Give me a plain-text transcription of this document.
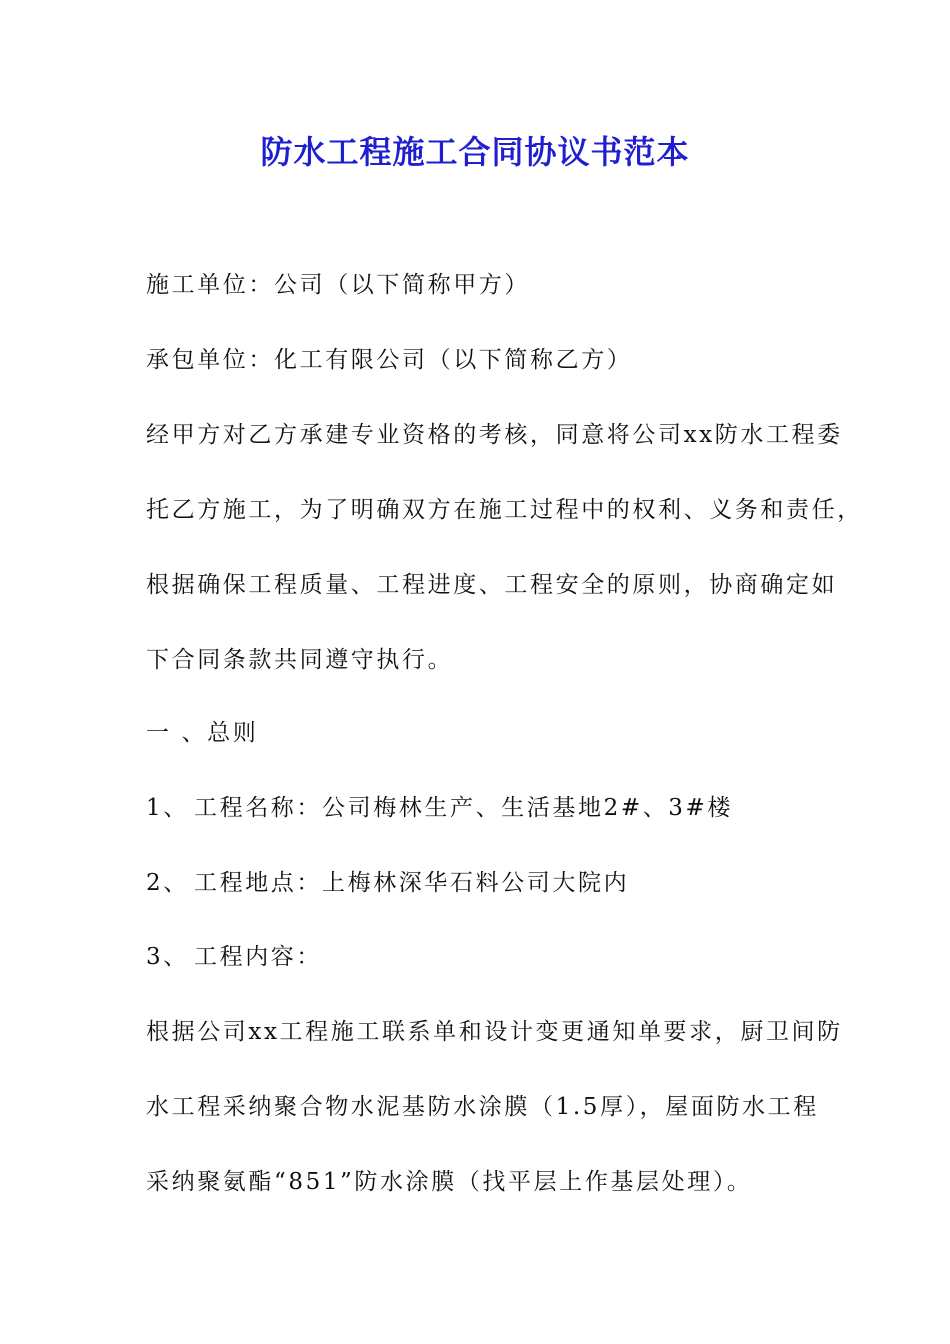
防水工程施工合同协议书范本
施工单位：公司（以下简称甲方）
承包单位：化工有限公司（以下简称乙方）
经甲方对乙方承建专业资格的考核，同意将公司xx防水工程委
托乙方施工，为了明确双方在施工过程中的权利、义务和责任，
根据确保工程质量、工程进度、工程安全的原则，协商确定如
下合同条款共同遵守执行。
一 、总则
1、 工程名称：公司梅林生产、生活基地2#、3#楼
2、 工程地点：上梅林深华石料公司大院内
3、 工程内容：
根据公司xx工程施工联系单和设计变更通知单要求，厨卫间防
水工程采纳聚合物水泥基防水涂膜（1.5厚），屋面防水工程
采纳聚氨酯“851”防水涂膜（找平层上作基层处理）。
